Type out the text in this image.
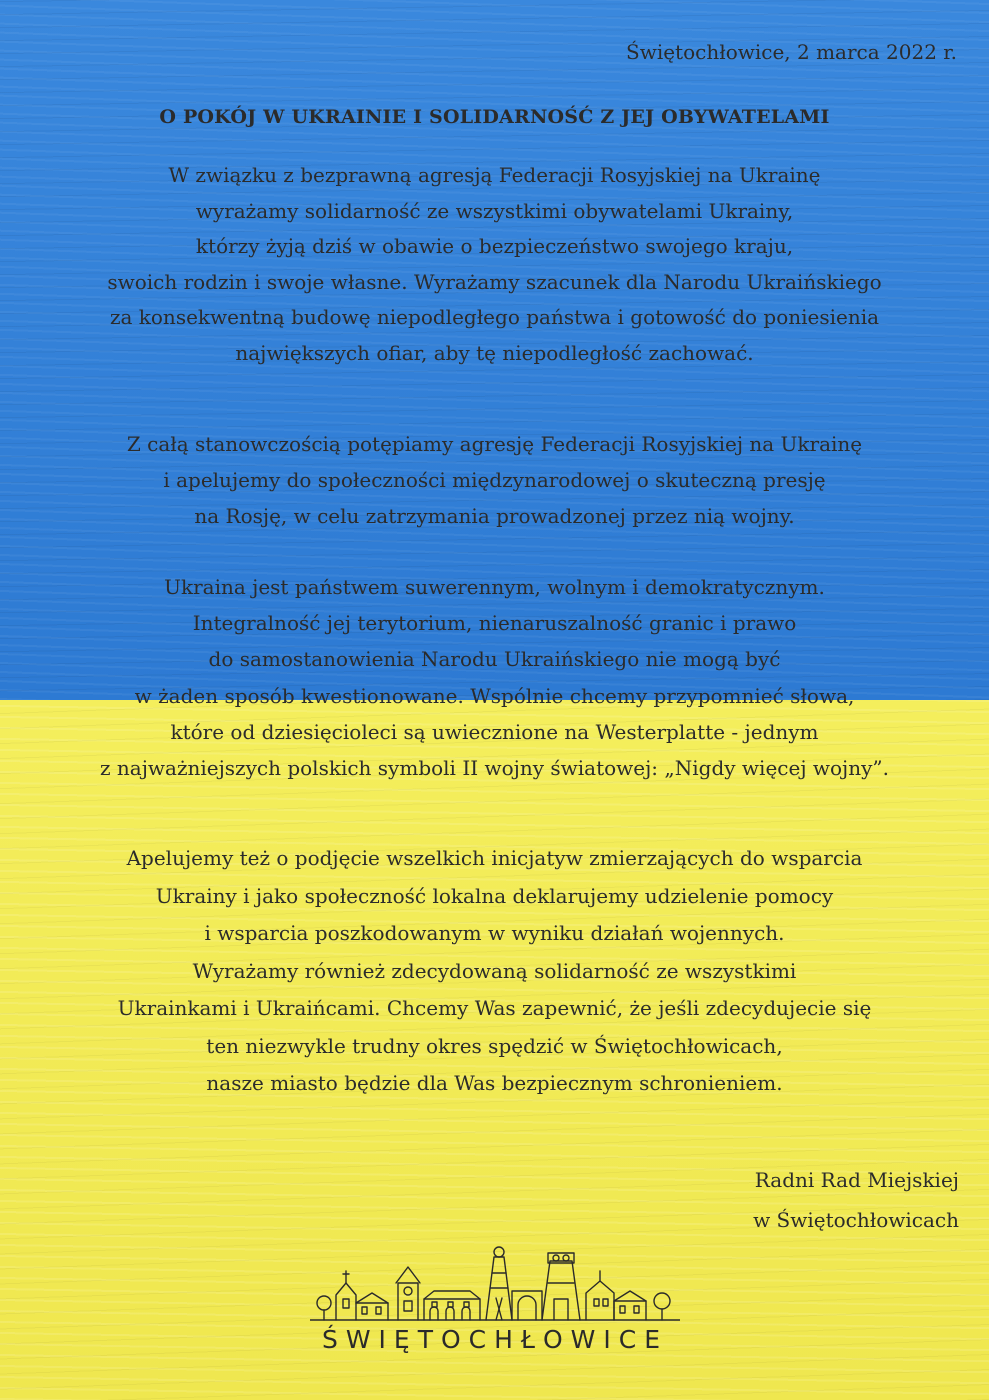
Świętochłowice, 2 marca 2022 r.
O POKÓJ W UKRAINIE I SOLIDARNOŚĆ Z JEJ OBYWATELAMI
W związku z bezprawną agresją Federacji Rosyjskiej na Ukrainę
wyrażamy solidarność ze wszystkimi obywatelami Ukrainy,
którzy żyją dziś w obawie o bezpieczeństwo swojego kraju,
swoich rodzin i swoje własne. Wyrażamy szacunek dla Narodu Ukraińskiego
za konsekwentną budowę niepodległego państwa i gotowość do poniesienia
największych ofiar, aby tę niepodległość zachować.
Z całą stanowczością potępiamy agresję Federacji Rosyjskiej na Ukrainę
i apelujemy do społeczności międzynarodowej o skuteczną presję
na Rosję, w celu zatrzymania prowadzonej przez nią wojny.
Ukraina jest państwem suwerennym, wolnym i demokratycznym.
Integralność jej terytorium, nienaruszalność granic i prawo
do samostanowienia Narodu Ukraińskiego nie mogą być
w żaden sposób kwestionowane. Wspólnie chcemy przypomnieć słowa,
które od dziesięcioleci są uwiecznione na Westerplatte - jednym
z najważniejszych polskich symboli II wojny światowej: „Nigdy więcej wojny”.
Apelujemy też o podjęcie wszelkich inicjatyw zmierzających do wsparcia
Ukrainy i jako społeczność lokalna deklarujemy udzielenie pomocy
i wsparcia poszkodowanym w wyniku działań wojennych.
Wyrażamy również zdecydowaną solidarność ze wszystkimi
Ukrainkami i Ukraińcami. Chcemy Was zapewnić, że jeśli zdecydujecie się
ten niezwykle trudny okres spędzić w Świętochłowicach,
nasze miasto będzie dla Was bezpiecznym schronieniem.
Radni Rad Miejskiej
w Świętochłowicach
ŚWIĘTOCHŁOWICE
